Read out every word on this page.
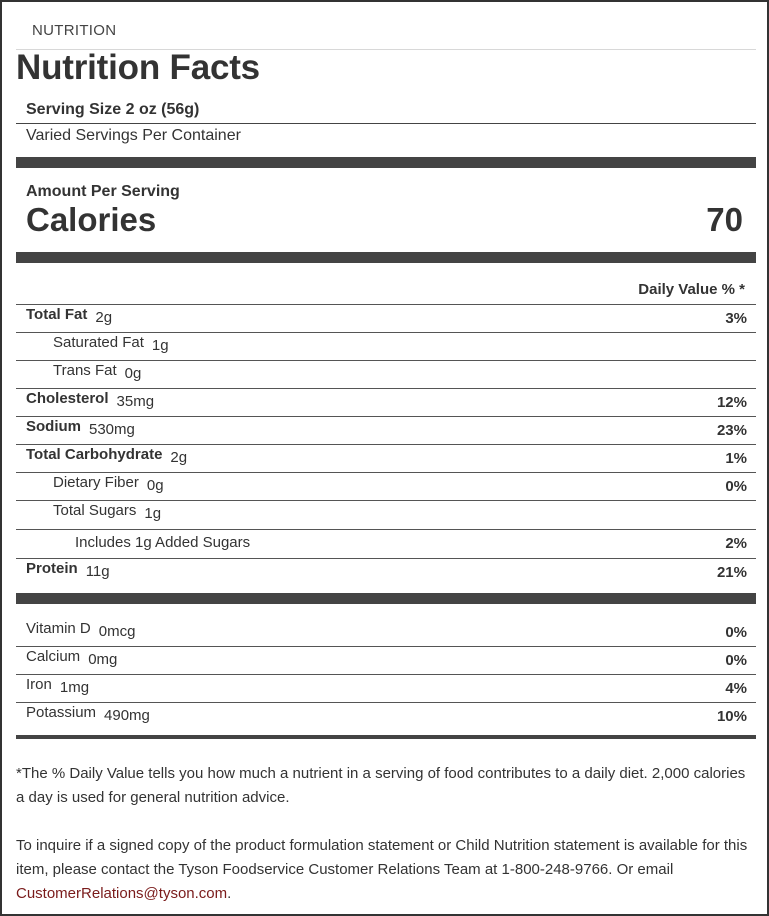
NUTRITION
Nutrition Facts
Serving Size 2 oz (56g)
Varied Servings Per Container
Amount Per Serving
Calories	70
Daily Value % *
Total Fat 2g	3%
Saturated Fat 1g
Trans Fat 0g
Cholesterol 35mg	12%
Sodium 530mg	23%
Total Carbohydrate 2g	1%
Dietary Fiber 0g	0%
Total Sugars 1g
Includes 1g Added Sugars	2%
Protein 11g	21%
Vitamin D 0mcg	0%
Calcium 0mg	0%
Iron 1mg	4%
Potassium 490mg	10%
*The % Daily Value tells you how much a nutrient in a serving of food contributes to a daily diet. 2,000 calories a day is used for general nutrition advice.
To inquire if a signed copy of the product formulation statement or Child Nutrition statement is available for this item, please contact the Tyson Foodservice Customer Relations Team at 1-800-248-9766. Or email CustomerRelations@tyson.com.
